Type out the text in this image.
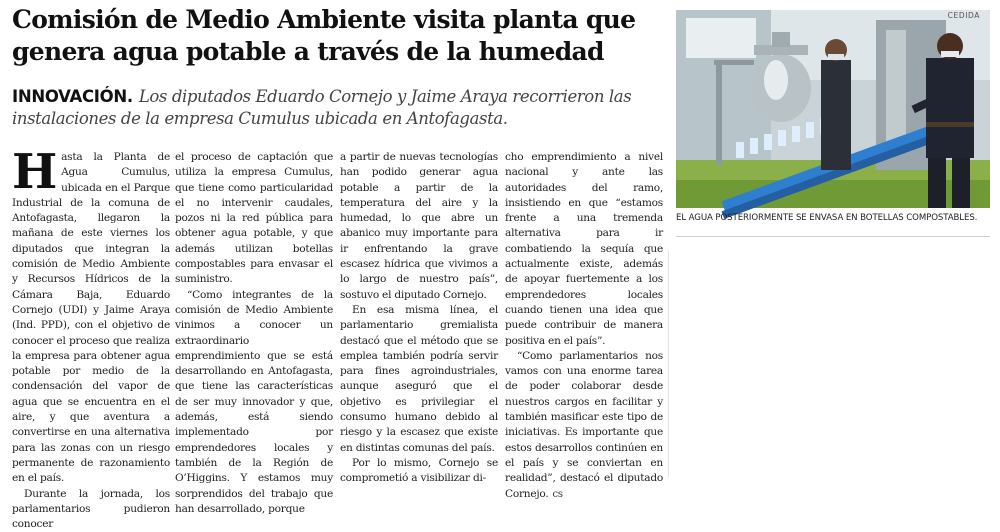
Comisión de Medio Ambiente visita planta que
genera agua potable a través de la humedad
INNOVACIÓN. Los diputados Eduardo Cornejo y Jaime Araya recorrieron las instalaciones de la empresa Cumulus ubicada en Antofagasta.
H asta la Planta de Agua Cumulus, ubicada en el Parque Industrial de la comuna de Antofagasta, llegaron la mañana de este viernes los diputados que integran la comisión de Medio Ambiente y Recursos Hídricos de la Cámara Baja, Eduardo Cornejo (UDI) y Jaime Araya (Ind. PPD), con el objetivo de conocer el proceso que realiza la empresa para obtener agua potable por medio de la condensación del vapor de agua que se encuentra en el aire, y que aventura a convertirse en una alternativa para las zonas con un riesgo permanente de razonamiento en el país.

Durante la jornada, los parlamentarios pudieron conocer

el proceso de captación que utiliza la empresa Cumulus, que tiene como particularidad el no intervenir caudales, pozos ni la red pública para obtener agua potable, y que además utilizan botellas compostables para envasar el suministro.

“Como integrantes de la comisión de Medio Ambiente vinimos a conocer un extraordinario emprendimiento que se está desarrollando en Antofagasta, que tiene las características de ser muy innovador y que, además, está siendo implementado por emprendedores locales y también de la Región de O’Higgins. Y estamos muy sorprendidos del trabajo que han desarrollado, porque

a partir de nuevas tecnologías han podido generar agua potable a partir de la temperatura del aire y la humedad, lo que abre un abanico muy importante para ir enfrentando la grave escasez hídrica que vivimos a lo largo de nuestro país”, sostuvo el diputado Cornejo.

En esa misma línea, el parlamentario gremialista destacó que el método que se emplea también podría servir para fines agroindustriales, aunque aseguró que el objetivo es privilegiar el consumo humano debido al riesgo y la escasez que existe en distintas comunas del país.

Por lo mismo, Cornejo se comprometió a visibilizar di-

cho emprendimiento a nivel nacional y ante las autoridades del ramo, insistiendo en que “estamos frente a una tremenda alternativa para ir combatiendo la sequía que actualmente existe, además de apoyar fuertemente a los emprendedores locales cuando tienen una idea que puede contribuir de manera positiva en el país”.

“Como parlamentarios nos vamos con una enorme tarea de poder colaborar desde nuestros cargos en facilitar y también masificar este tipo de iniciativas. Es importante que estos desarrollos continúen en el país y se conviertan en realidad”, destacó el diputado Cornejo. cs

CEDIDA
EL AGUA POSTERIORMENTE SE ENVASA EN BOTELLAS COMPOSTABLES.
